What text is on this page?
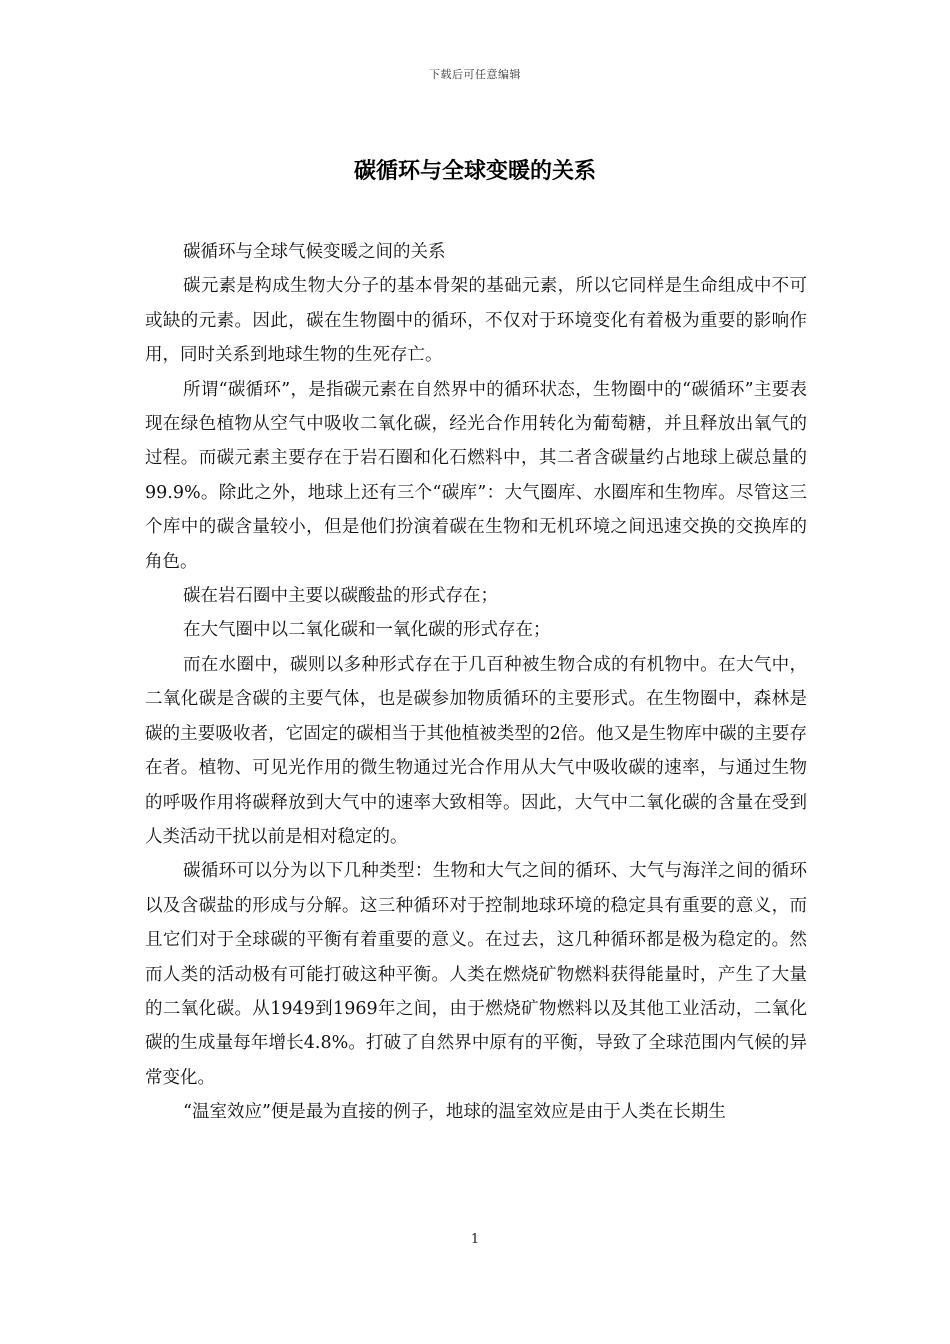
下载后可任意编辑
碳循环与全球变暖的关系

碳循环与全球气候变暖之间的关系

碳元素是构成生物大分子的基本骨架的基础元素，所以它同样是生命组成中不可或缺的元素。因此，碳在生物圈中的循环，不仅对于环境变化有着极为重要的影响作用，同时关系到地球生物的生死存亡。

所谓“碳循环”，是指碳元素在自然界中的循环状态，生物圈中的“碳循环”主要表现在绿色植物从空气中吸收二氧化碳，经光合作用转化为葡萄糖，并且释放出氧气的过程。而碳元素主要存在于岩石圈和化石燃料中，其二者含碳量约占地球上碳总量的99.9%。除此之外，地球上还有三个“碳库”：大气圈库、水圈库和生物库。尽管这三个库中的碳含量较小，但是他们扮演着碳在生物和无机环境之间迅速交换的交换库的角色。

碳在岩石圈中主要以碳酸盐的形式存在；

在大气圈中以二氧化碳和一氧化碳的形式存在；

而在水圈中，碳则以多种形式存在于几百种被生物合成的有机物中。在大气中，二氧化碳是含碳的主要气体，也是碳参加物质循环的主要形式。在生物圈中，森林是碳的主要吸收者，它固定的碳相当于其他植被类型的2倍。他又是生物库中碳的主要存在者。植物、可见光作用的微生物通过光合作用从大气中吸收碳的速率，与通过生物的呼吸作用将碳释放到大气中的速率大致相等。因此，大气中二氧化碳的含量在受到人类活动干扰以前是相对稳定的。

碳循环可以分为以下几种类型：生物和大气之间的循环、大气与海洋之间的循环以及含碳盐的形成与分解。这三种循环对于控制地球环境的稳定具有重要的意义，而且它们对于全球碳的平衡有着重要的意义。在过去，这几种循环都是极为稳定的。然而人类的活动极有可能打破这种平衡。人类在燃烧矿物燃料获得能量时，产生了大量的二氧化碳。从1949到1969年之间，由于燃烧矿物燃料以及其他工业活动，二氧化碳的生成量每年增长4.8%。打破了自然界中原有的平衡，导致了全球范围内气候的异常变化。

“温室效应”便是最为直接的例子，地球的温室效应是由于人类在长期生

1
